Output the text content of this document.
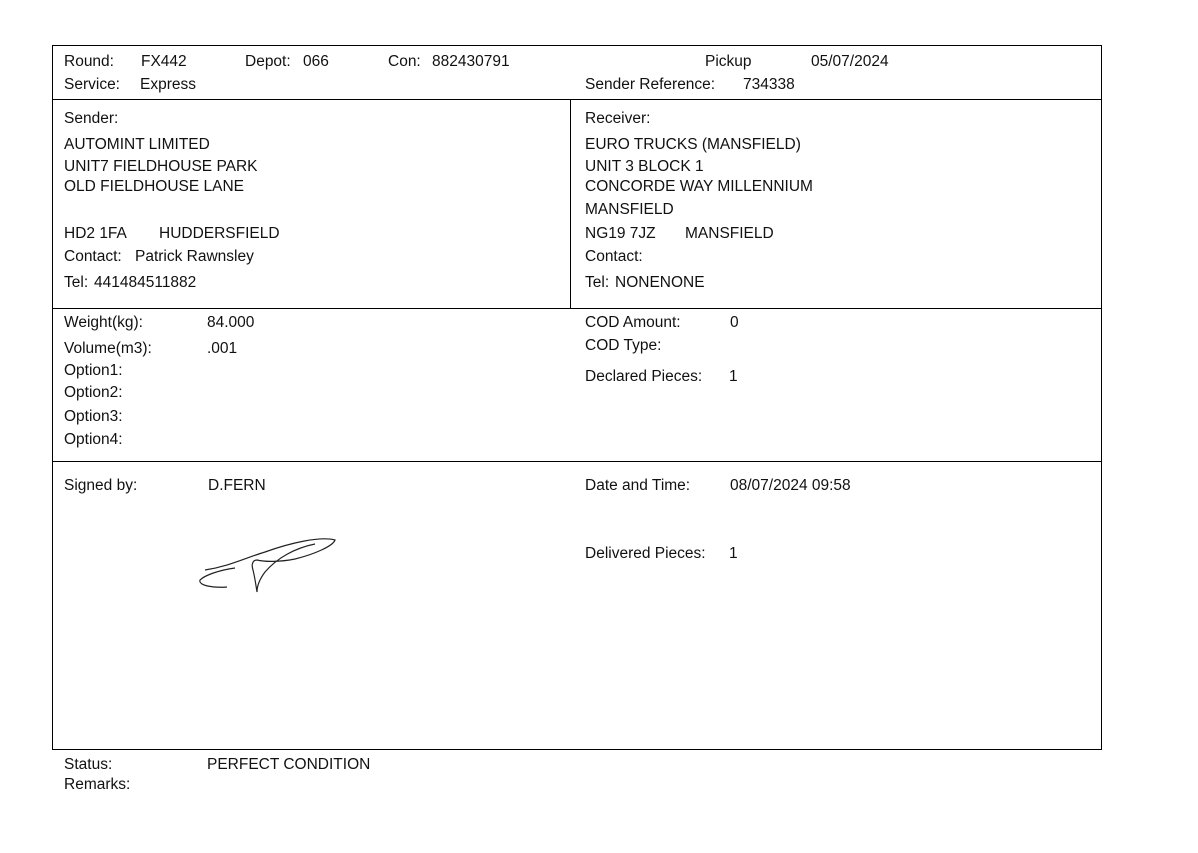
Round: FX442	Depot: 066	Con: 882430791	Pickup	05/07/2024
Service: Express	Sender Reference: 734338
Sender:
AUTOMINT LIMITED
UNIT7 FIELDHOUSE PARK
OLD FIELDHOUSE LANE
HD2 1FA HUDDERSFIELD
Contact: Patrick Rawnsley
Tel: 441484511882
Receiver:
EURO TRUCKS (MANSFIELD)
UNIT 3 BLOCK 1
CONCORDE WAY MILLENNIUM
MANSFIELD
NG19 7JZ MANSFIELD
Contact:
Tel: NONENONE
Weight(kg):	84.000
Volume(m3):	.001
Option1:
Option2:
Option3:
Option4:
COD Amount:	0
COD Type:
Declared Pieces: 1
Signed by:	D.FERN	Date and Time:	08/07/2024 09:58
Delivered Pieces: 1
Status:	PERFECT CONDITION
Remarks:
